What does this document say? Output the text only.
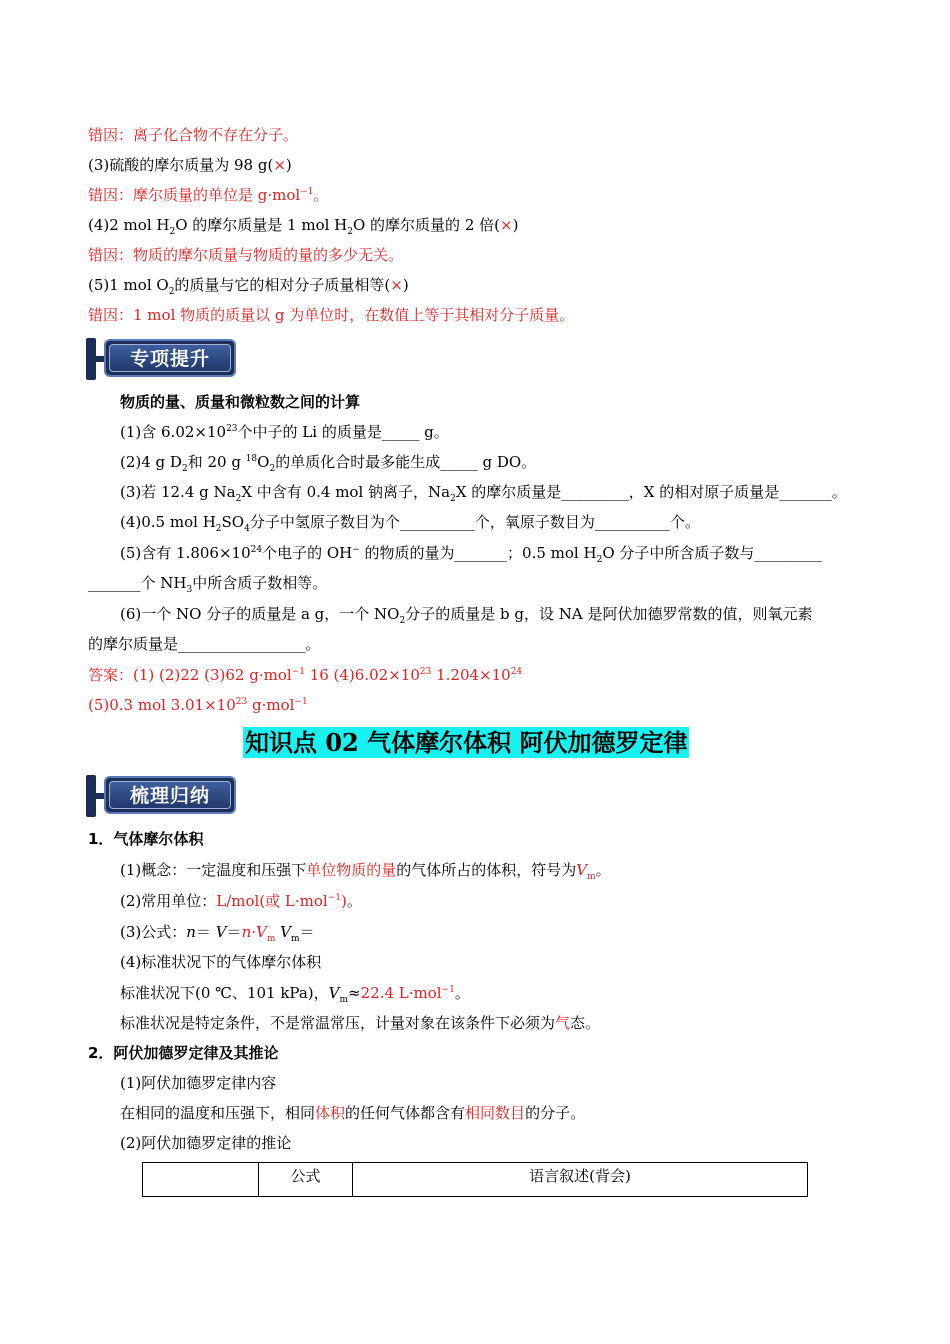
错因：离子化合物不存在分子。
(3)硫酸的摩尔质量为 98 g(×)
错因：摩尔质量的单位是 g·mol$^{-1}$。
(4)2 mol $H_2O$ 的摩尔质量是 1 mol $H_2O$ 的摩尔质量的 2 倍(×)
错因：物质的摩尔质量与物质的量的多少无关。
(5)1 mol $O_2$的质量与它的相对分子质量相等(×)
错因：1 mol 物质的质量以 g 为单位时，在数值上等于其相对分子质量。
专项提升
物质的量、质量和微粒数之间的计算
(1)含 $6.02\times 10^{23}$个中子的 Li 的质量是_____ g。
(2)4 g $D_2$和 20 g $^{18}O_2$的单质化合时最多能生成_____ g DO。
(3)若 12.4 g $Na_2X$ 中含有 0.4 mol 钠离子，$Na_2X$ 的摩尔质量是_________，X 的相对原子质量是_______。
(4)0.5 mol $H_2SO_4$分子中氢原子数目为个__________个，氧原子数目为__________个。
(5)含有 $1.806\times 10^{24}$个电子的 OH− 的物质的量为_______；0.5 mol $H_2O$ 分子中所含质子数与_________
_______个 $NH_3$中所含质子数相等。
(6)一个 NO 分子的质量是 a g，一个 $NO_2$分子的质量是 b g，设 NA 是阿伏加德罗常数的值，则氧元素
的摩尔质量是_________________。
答案：(1) (2)22 (3)62 g·mol$^{-1}$ 16 $(4)6.02\times 10^{23}$ $1.204\times 10^{24}$
(5)0.3 mol $3.01\times 10^{23}$ g·mol$^{-1}$
知识点 02 气体摩尔体积 阿伏加德罗定律
梳理归纳
1．气体摩尔体积
(1)概念：一定温度和压强下单位物质的量的气体所占的体积，符号为$V_m$。
(2)常用单位：L/mol(或 L·mol$^{-1}$)。
(3)公式：$n= V=n\cdot V_m$ $V_m=$
(4)标准状况下的气体摩尔体积
标准状况下(0 ℃、101 kPa)，$V_m\approx 22.4$ L·mol$^{-1}$。
标准状况是特定条件，不是常温常压，计量对象在该条件下必须为气态。
2．阿伏加德罗定律及其推论
(1)阿伏加德罗定律内容
在相同的温度和压强下，相同体积的任何气体都含有相同数目的分子。
(2)阿伏加德罗定律的推论
	公式	语言叙述(背会)
